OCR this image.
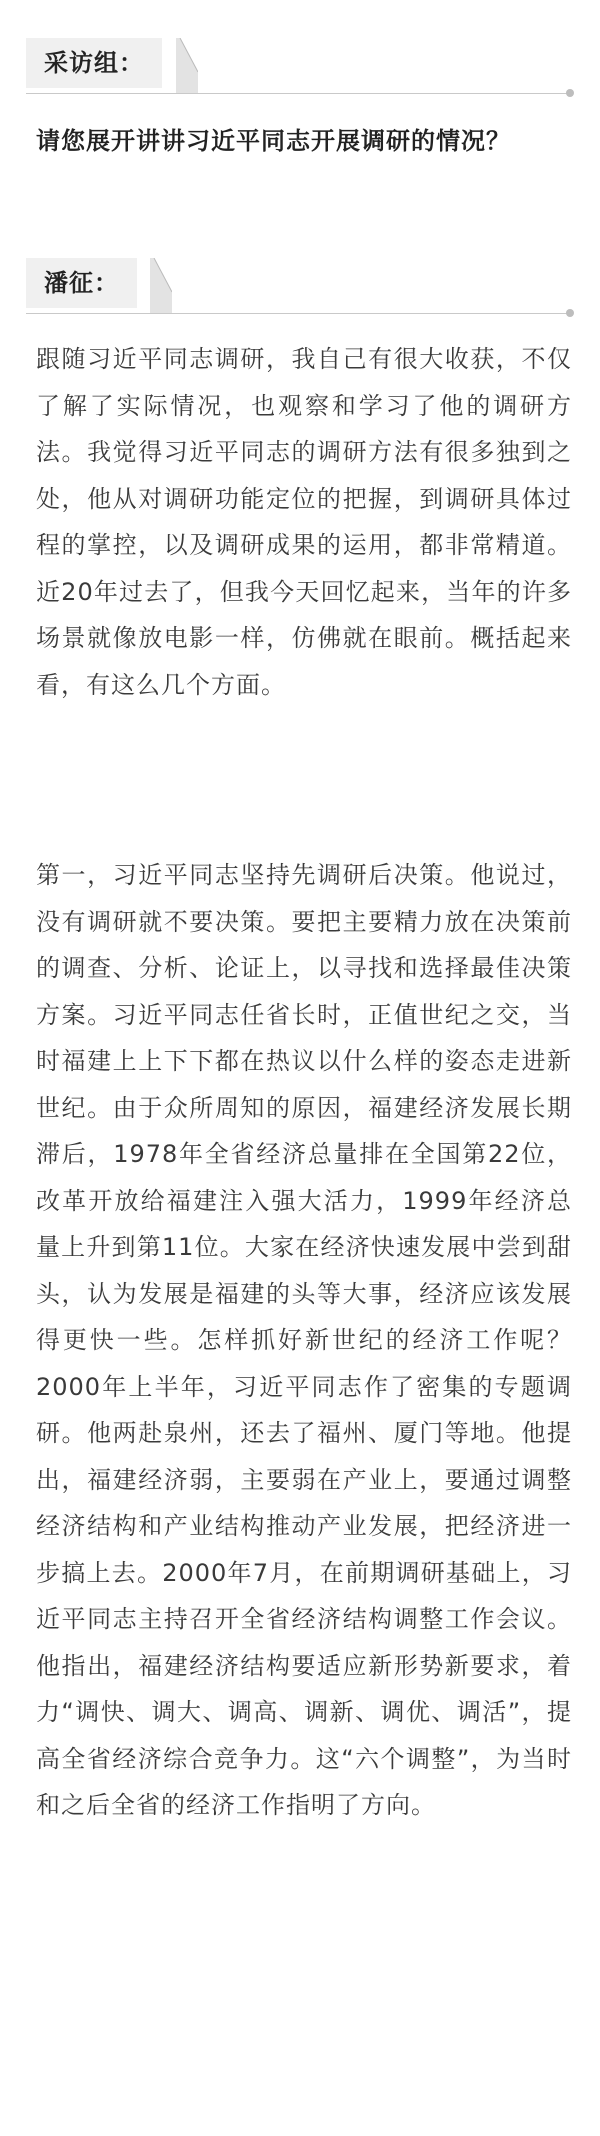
采访组：
请您展开讲讲习近平同志开展调研的情况？
潘征：
跟随习近平同志调研，我自己有很大收获，不仅了解了实际情况，也观察和学习了他的调研方法。我觉得习近平同志的调研方法有很多独到之处，他从对调研功能定位的把握，到调研具体过程的掌控，以及调研成果的运用，都非常精道。近20年过去了，但我今天回忆起来，当年的许多场景就像放电影一样，仿佛就在眼前。概括起来看，有这么几个方面。
第一，习近平同志坚持先调研后决策。他说过，没有调研就不要决策。要把主要精力放在决策前的调查、分析、论证上，以寻找和选择最佳决策方案。习近平同志任省长时，正值世纪之交，当时福建上上下下都在热议以什么样的姿态走进新世纪。由于众所周知的原因，福建经济发展长期滞后，1978年全省经济总量排在全国第22位，改革开放给福建注入强大活力，1999年经济总量上升到第11位。大家在经济快速发展中尝到甜头，认为发展是福建的头等大事，经济应该发展得更快一些。怎样抓好新世纪的经济工作呢？2000年上半年，习近平同志作了密集的专题调研。他两赴泉州，还去了福州、厦门等地。他提出，福建经济弱，主要弱在产业上，要通过调整经济结构和产业结构推动产业发展，把经济进一步搞上去。2000年7月，在前期调研基础上，习近平同志主持召开全省经济结构调整工作会议。他指出，福建经济结构要适应新形势新要求，着力“调快、调大、调高、调新、调优、调活”，提高全省经济综合竞争力。这“六个调整”，为当时和之后全省的经济工作指明了方向。
